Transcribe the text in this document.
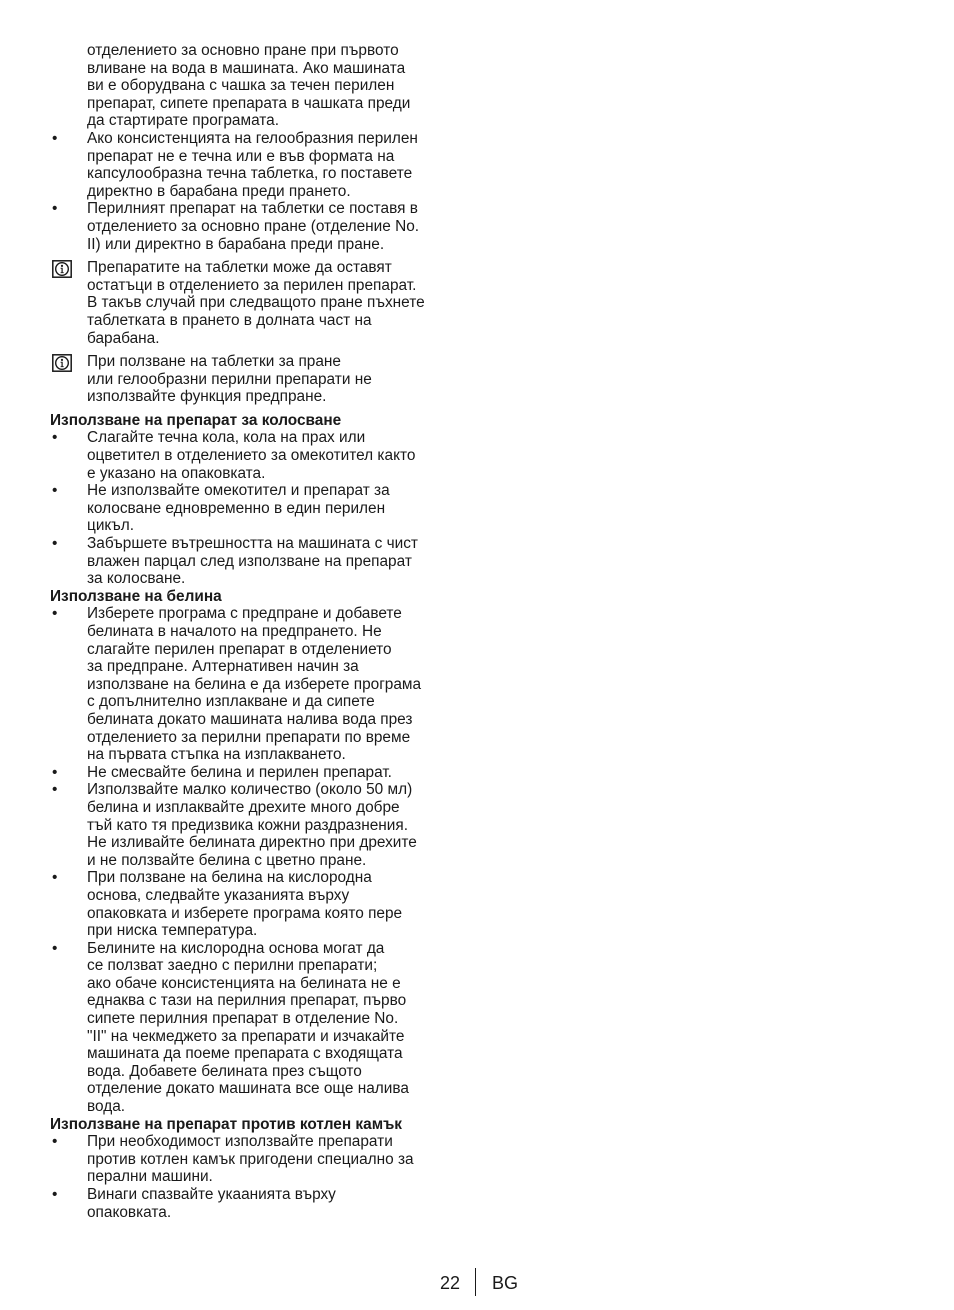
отделението за основно пране при първото
вливане на вода в машината. Ако машината
ви е оборудвана с чашка за течен перилен
препарат, сипете препарата в чашката преди
да стартирате програмата.
• Ако консистенцията на гелообразния перилен
препарат не е течна или е във формата на
капсулообразна течна таблетка, го поставете
директно в барабана преди прането.
• Перилният препарат на таблетки се поставя в
отделението за основно пране (отделение No.
II) или директно в барабана преди пране.
Препаратите на таблетки може да оставят
остатъци в отделението за перилен препарат.
В такъв случай при следващото пране пъхнете
таблетката в прането в долната част на
барабана.
При ползване на таблетки за пране
или гелообразни перилни препарати не
използвайте функция предпране.
Използване на препарат за колосване
• Слагайте течна кола, кола на прах или
оцветител в отделението за омекотител както
е указано на опаковката.
• Не използвайте омекотител и препарат за
колосване едновременно в един перилен
цикъл.
• Забършете вътрешността на машината с чист
влажен парцал след използване на препарат
за колосване.
Използване на белина
• Изберете програма с предпране и добавете
белината в началото на предпрането. Не
слагайте перилен препарат в отделението
за предпране. Алтернативен начин за
използване на белина е да изберете програма
с допълнително изплакване и да сипете
белината докато машината налива вода през
отделението за перилни препарати по време
на първата стъпка на изплакването.
• Не смесвайте белина и перилен препарат.
• Използвайте малко количество (около 50 мл)
белина и изплаквайте дрехите много добре
тъй като тя предизвика кожни раздразнения.
Не изливайте белината директно при дрехите
и не ползвайте белина с цветно пране.
• При ползване на белина на кислородна
основа, следвайте указанията върху
опаковката и изберете програма която пере
при ниска температура.
• Белините на кислородна основа могат да
се ползват заедно с перилни препарати;
ако обаче консистенцията на белината не е
еднаква с тази на перилния препарат, първо
сипете перилния препарат в отделение No.
"II" на чекмеджето за препарати и изчакайте
машината да поеме препарата с входящата
вода. Добавете белината през същото
отделение докато машината все още налива
вода.
Използване на препарат против котлен камък
• При необходимост използвайте препарати
против котлен камък пригодени специално за
перални машини.
• Винаги спазвайте укаанията върху
опаковката.
22 BG
